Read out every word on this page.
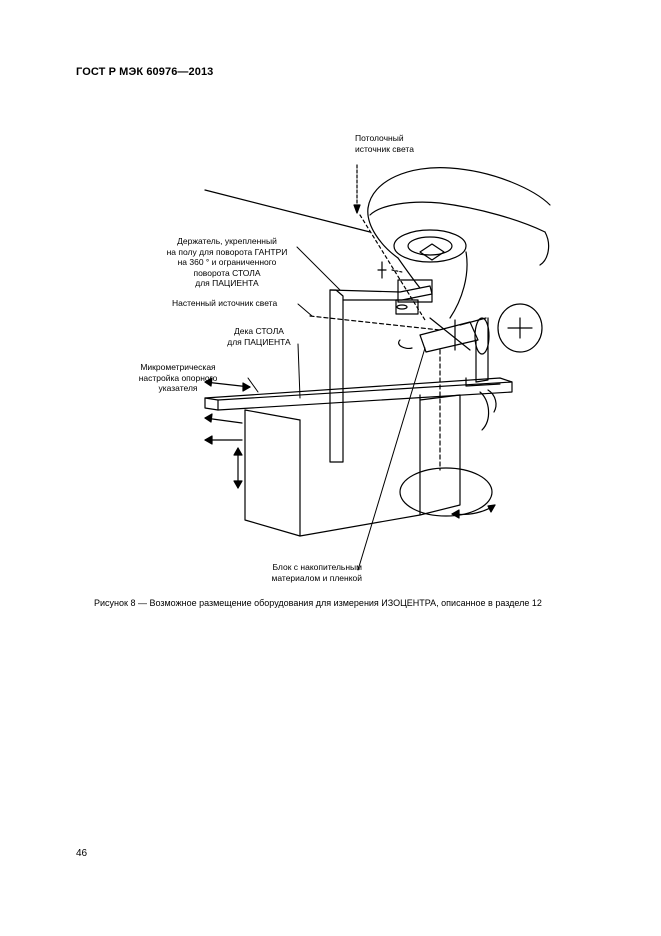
ГОСТ Р МЭК 60976—2013
Потолочный
источник света
Держатель, укрепленный
на полу для поворота ГАНТРИ
на 360 ° и ограниченного
поворота СТОЛА
для ПАЦИЕНТА
Настенный источник света
Дека СТОЛА
для ПАЦИЕНТА
Микрометрическая
настройка опорного
указателя
Блок с накопительным
материалом и пленкой
Рисунок 8 — Возможное размещение оборудования для измерения ИЗОЦЕНТРА, описанное в разделе 12
46
